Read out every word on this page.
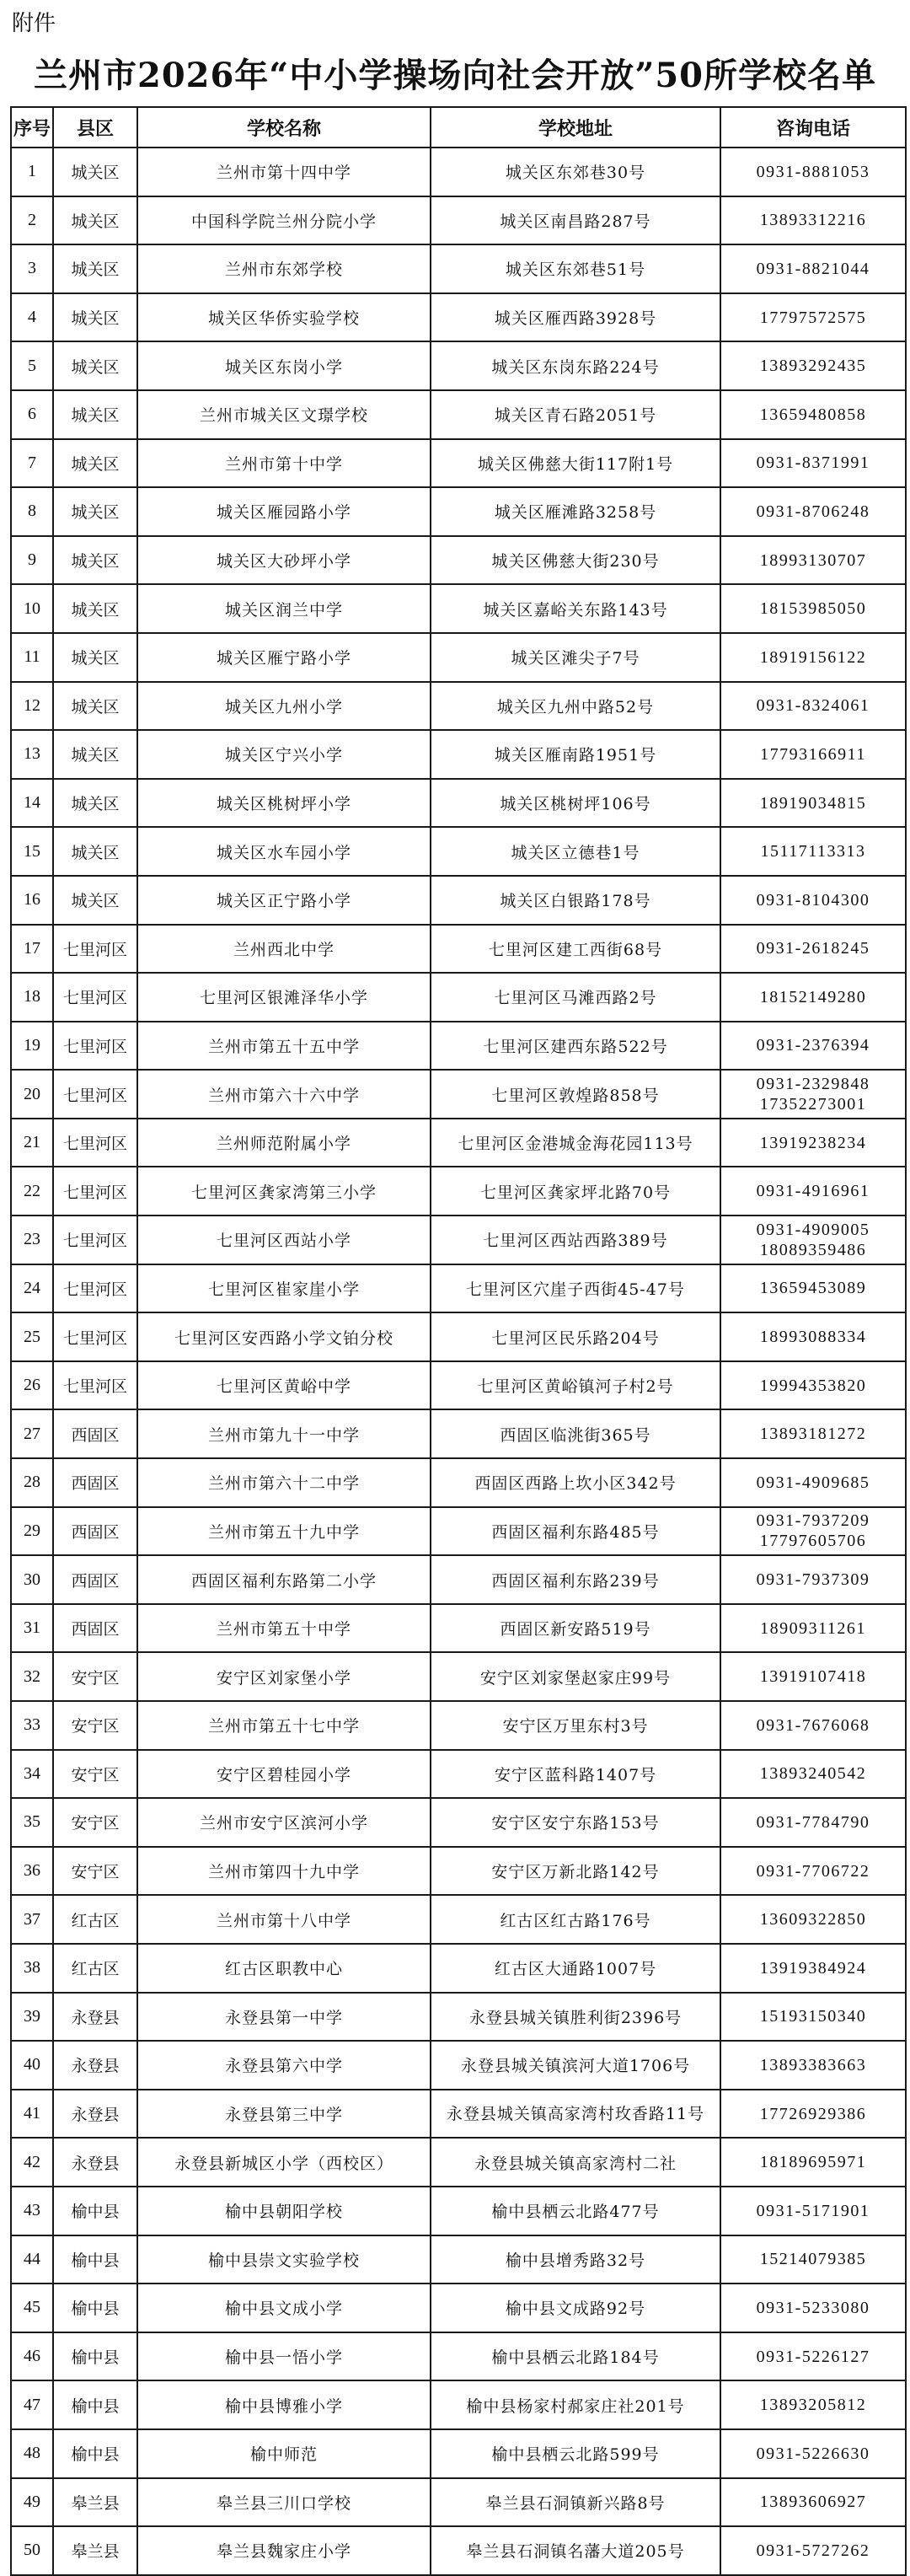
附件
兰州市2026年“中小学操场向社会开放”50所学校名单
序号	县区	学校名称	学校地址	咨询电话
1	城关区	兰州市第十四中学	城关区东郊巷30号	0931-8881053

2	城关区	中国科学院兰州分院小学	城关区南昌路287号	13893312216

3	城关区	兰州市东郊学校	城关区东郊巷51号	0931-8821044

4	城关区	城关区华侨实验学校	城关区雁西路3928号	17797572575

5	城关区	城关区东岗小学	城关区东岗东路224号	13893292435

6	城关区	兰州市城关区文璟学校	城关区青石路2051号	13659480858

7	城关区	兰州市第十中学	城关区佛慈大街117附1号	0931-8371991

8	城关区	城关区雁园路小学	城关区雁滩路3258号	0931-8706248

9	城关区	城关区大砂坪小学	城关区佛慈大街230号	18993130707

10	城关区	城关区润兰中学	城关区嘉峪关东路143号	18153985050

11	城关区	城关区雁宁路小学	城关区滩尖子7号	18919156122

12	城关区	城关区九州小学	城关区九州中路52号	0931-8324061

13	城关区	城关区宁兴小学	城关区雁南路1951号	17793166911

14	城关区	城关区桃树坪小学	城关区桃树坪106号	18919034815

15	城关区	城关区水车园小学	城关区立德巷1号	15117113313

16	城关区	城关区正宁路小学	城关区白银路178号	0931-8104300

17	七里河区	兰州西北中学	七里河区建工西街68号	0931-2618245

18	七里河区	七里河区银滩泽华小学	七里河区马滩西路2号	18152149280

19	七里河区	兰州市第五十五中学	七里河区建西东路522号	0931-2376394

20	七里河区	兰州市第六十六中学	七里河区敦煌路858号	0931-2329848
17352273001

21	七里河区	兰州师范附属小学	七里河区金港城金海花园113号	13919238234

22	七里河区	七里河区龚家湾第三小学	七里河区龚家坪北路70号	0931-4916961

23	七里河区	七里河区西站小学	七里河区西站西路389号	0931-4909005
18089359486

24	七里河区	七里河区崔家崖小学	七里河区穴崖子西街45-47号	13659453089

25	七里河区	七里河区安西路小学文铂分校	七里河区民乐路204号	18993088334

26	七里河区	七里河区黄峪中学	七里河区黄峪镇河子村2号	19994353820

27	西固区	兰州市第九十一中学	西固区临洮街365号	13893181272

28	西固区	兰州市第六十二中学	西固区西路上坎小区342号	0931-4909685

29	西固区	兰州市第五十九中学	西固区福利东路485号	0931-7937209
17797605706

30	西固区	西固区福利东路第二小学	西固区福利东路239号	0931-7937309

31	西固区	兰州市第五十中学	西固区新安路519号	18909311261

32	安宁区	安宁区刘家堡小学	安宁区刘家堡赵家庄99号	13919107418

33	安宁区	兰州市第五十七中学	安宁区万里东村3号	0931-7676068

34	安宁区	安宁区碧桂园小学	安宁区蓝科路1407号	13893240542

35	安宁区	兰州市安宁区滨河小学	安宁区安宁东路153号	0931-7784790

36	安宁区	兰州市第四十九中学	安宁区万新北路142号	0931-7706722

37	红古区	兰州市第十八中学	红古区红古路176号	13609322850

38	红古区	红古区职教中心	红古区大通路1007号	13919384924

39	永登县	永登县第一中学	永登县城关镇胜利街2396号	15193150340

40	永登县	永登县第六中学	永登县城关镇滨河大道1706号	13893383663

41	永登县	永登县第三中学	永登县城关镇高家湾村玫香路11号	17726929386

42	永登县	永登县新城区小学（西校区）	永登县城关镇高家湾村二社	18189695971

43	榆中县	榆中县朝阳学校	榆中县栖云北路477号	0931-5171901

44	榆中县	榆中县崇文实验学校	榆中县增秀路32号	15214079385

45	榆中县	榆中县文成小学	榆中县文成路92号	0931-5233080

46	榆中县	榆中县一悟小学	榆中县栖云北路184号	0931-5226127

47	榆中县	榆中县博雅小学	榆中县杨家村郝家庄社201号	13893205812

48	榆中县	榆中师范	榆中县栖云北路599号	0931-5226630

49	皋兰县	皋兰县三川口学校	皋兰县石洞镇新兴路8号	13893606927

50	皋兰县	皋兰县魏家庄小学	皋兰县石洞镇名藩大道205号	0931-5727262
